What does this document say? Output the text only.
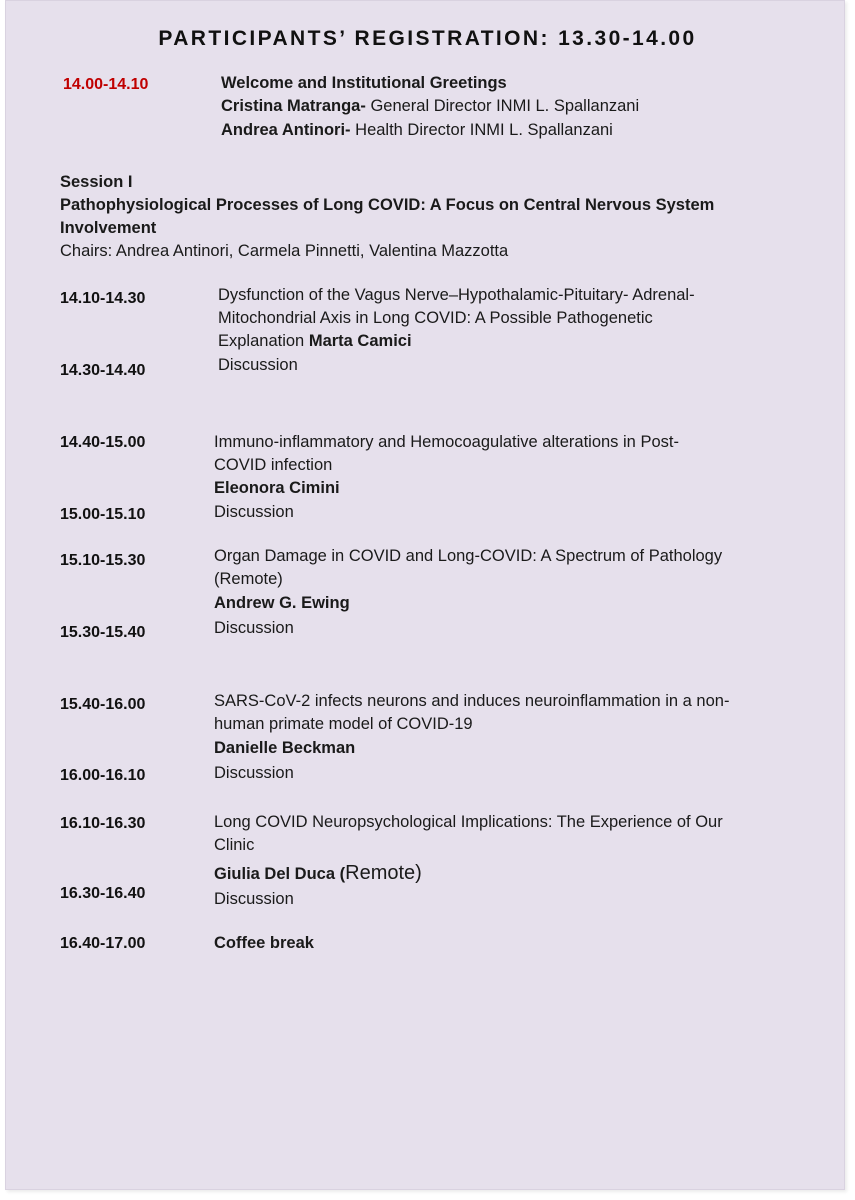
PARTICIPANTS’ REGISTRATION: 13.30-14.00
14.00-14.10	Welcome and Institutional Greetings
Cristina Matranga- General Director INMI L. Spallanzani
Andrea Antinori- Health Director INMI L. Spallanzani
Session I
Pathophysiological Processes of Long COVID: A Focus on Central Nervous System
Involvement
Chairs: Andrea Antinori, Carmela Pinnetti, Valentina Mazzotta
14.10-14.30	Dysfunction of the Vagus Nerve–Hypothalamic-Pituitary- Adrenal-
Mitochondrial Axis in Long COVID: A Possible Pathogenetic
Explanation Marta Camici
14.30-14.40	Discussion
14.40-15.00	Immuno-inflammatory and Hemocoagulative alterations in Post-
COVID infection
Eleonora Cimini
15.00-15.10	Discussion
15.10-15.30	Organ Damage in COVID and Long-COVID: A Spectrum of Pathology
(Remote)
Andrew G. Ewing
15.30-15.40	Discussion
15.40-16.00	SARS-CoV-2 infects neurons and induces neuroinflammation in a non-
human primate model of COVID-19
Danielle Beckman
16.00-16.10	Discussion
16.10-16.30	Long COVID Neuropsychological Implications: The Experience of Our
Clinic
Giulia Del Duca (Remote)
16.30-16.40	Discussion
16.40-17.00	Coffee break
